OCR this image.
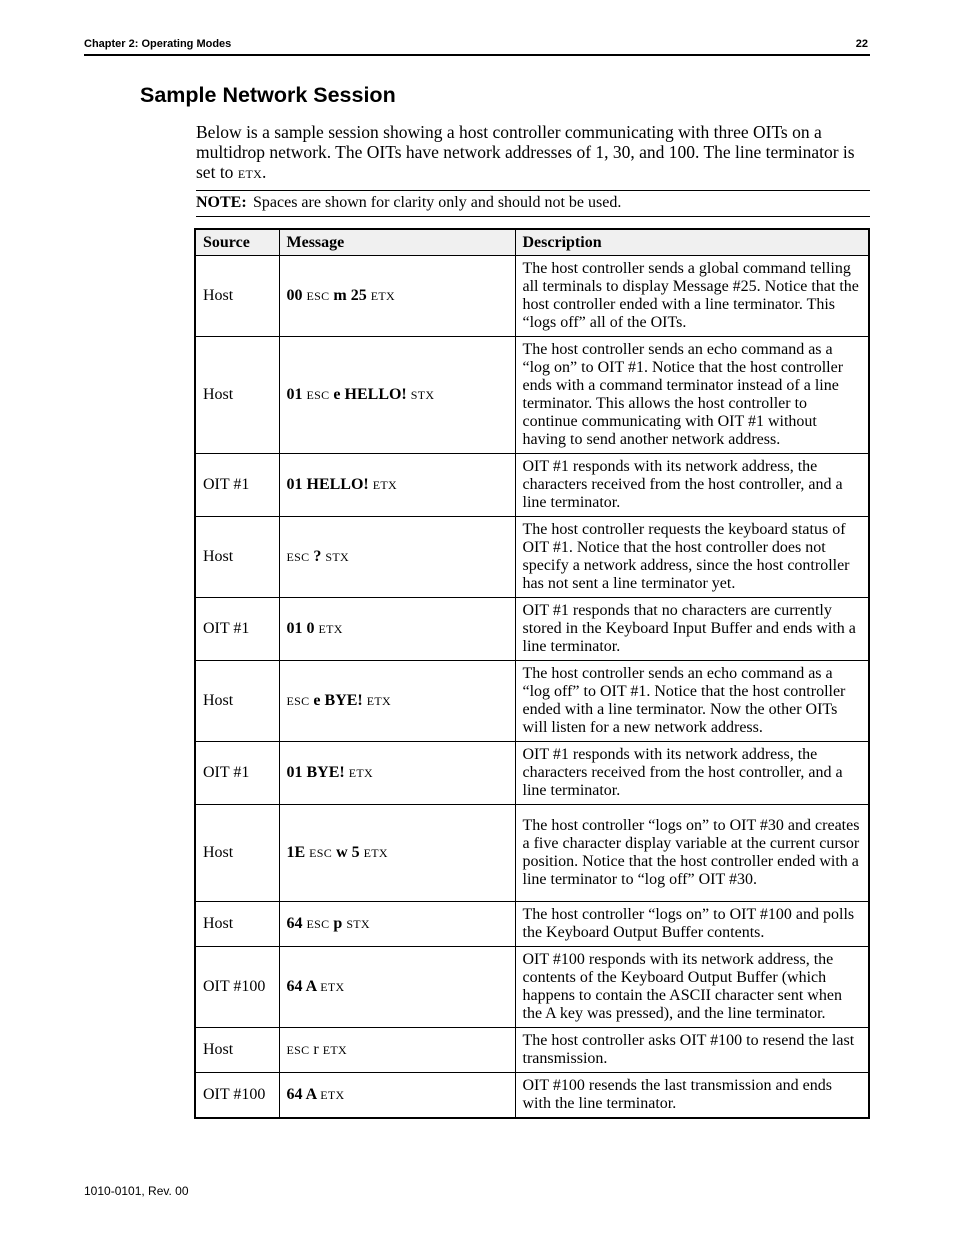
Chapter 2: Operating Modes	22
Sample Network Session

Below is a sample session showing a host controller communicating with three OITs on a multidrop network. The OITs have network addresses of 1, 30, and 100. The line terminator is set to ETX.

NOTE: Spaces are shown for clarity only and should not be used.
Source	Message	Description
Host	00 ESC m 25 ETX	The host controller sends a global command telling all terminals to display Message #25. Notice that the host controller ended with a line terminator. This “logs off” all of the OITs.
Host	01 ESC e HELLO! STX	The host controller sends an echo command as a “log on” to OIT #1. Notice that the host controller ends with a command terminator instead of a line terminator. This allows the host controller to continue communicating with OIT #1 without having to send another network address.
OIT #1	01 HELLO! ETX	OIT #1 responds with its network address, the characters received from the host controller, and a line terminator.
Host	ESC ? STX	The host controller requests the keyboard status of OIT #1. Notice that the host controller does not specify a network address, since the host controller has not sent a line terminator yet.
OIT #1	01 0 ETX	OIT #1 responds that no characters are currently stored in the Keyboard Input Buffer and ends with a line terminator.
Host	ESC e BYE! ETX	The host controller sends an echo command as a “log off” to OIT #1. Notice that the host controller ended with a line terminator. Now the other OITs will listen for a new network address.
OIT #1	01 BYE! ETX	OIT #1 responds with its network address, the characters received from the host controller, and a line terminator.
Host	1E ESC w 5 ETX	The host controller “logs on” to OIT #30 and creates a five character display variable at the current cursor position. Notice that the host controller ended with a line terminator to “log off” OIT #30.
Host	64 ESC p STX	The host controller “logs on” to OIT #100 and polls the Keyboard Output Buffer contents.
OIT #100	64 A ETX	OIT #100 responds with its network address, the contents of the Keyboard Output Buffer (which happens to contain the ASCII character sent when the A key was pressed), and the line terminator.
Host	ESC r ETX	The host controller asks OIT #100 to resend the last transmission.
OIT #100	64 A ETX	OIT #100 resends the last transmission and ends with the line terminator.
1010-0101, Rev. 00
